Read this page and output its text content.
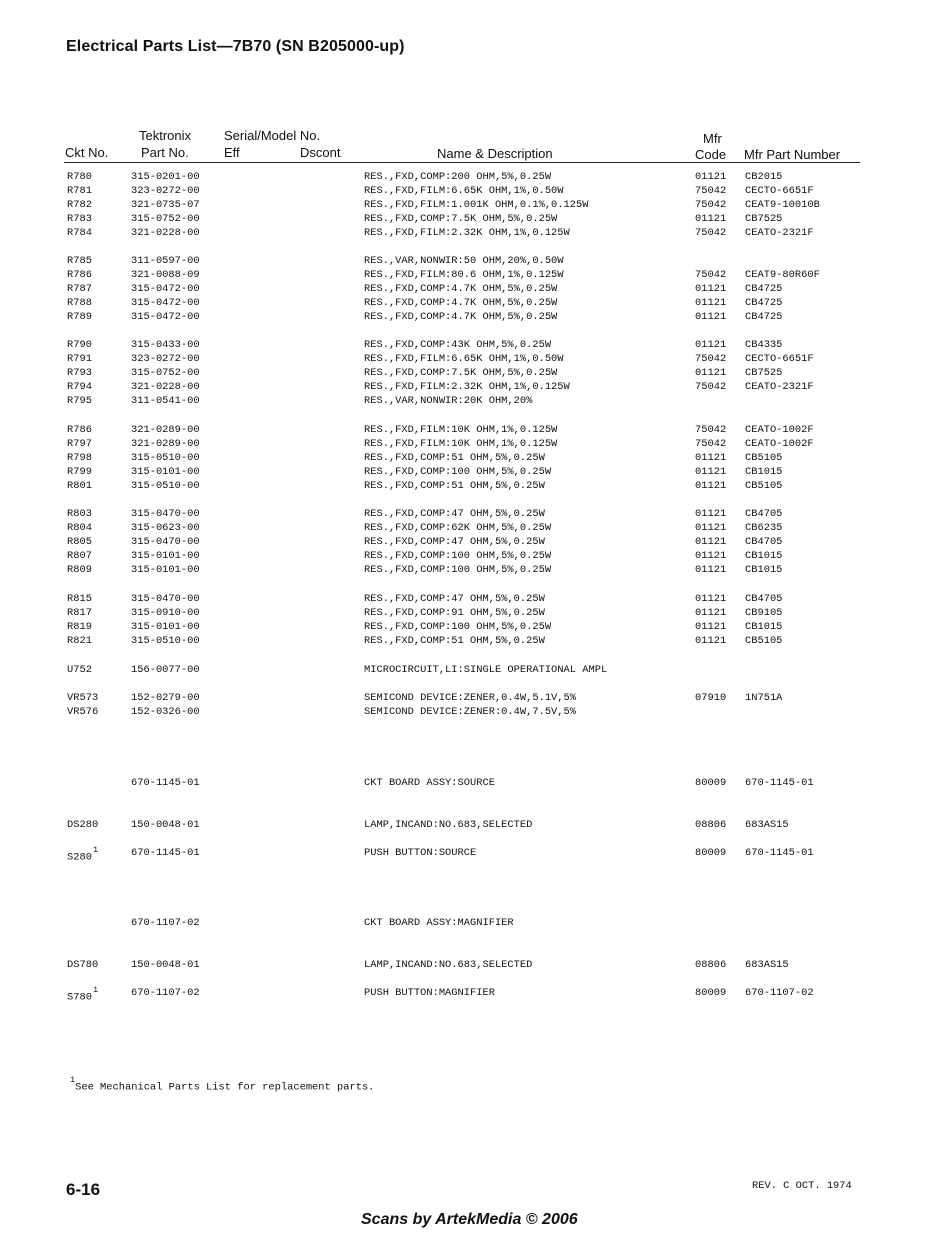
Electrical Parts List—7B70 (SN B205000-up)
Ckt No.
Tektronix
Part No.
Serial/Model No.
Eff	Dscont	Name & Description
Mfr
Code Mfr Part Number
R780	315-0201-00	RES.,FXD,COMP:200 OHM,5%,0.25W	01121 CB2015
R781	323-0272-00	RES.,FXD,FILM:6.65K OHM,1%,0.50W	75042 CECTO-6651F
R782	321-0735-07	RES.,FXD,FILM:1.001K OHM,0.1%,0.125W	75042 CEAT9-10010B
R783	315-0752-00	RES.,FXD,COMP:7.5K OHM,5%,0.25W	01121 CB7525
R784	321-0228-00	RES.,FXD,FILM:2.32K OHM,1%,0.125W	75042 CEATO-2321F
R785	311-0597-00	RES.,VAR,NONWIR:50 OHM,20%,0.50W
R786	321-0088-09	RES.,FXD,FILM:80.6 OHM,1%,0.125W	75042 CEAT9-80R60F
R787	315-0472-00	RES.,FXD,COMP:4.7K OHM,5%,0.25W	01121 CB4725
R788	315-0472-00	RES.,FXD,COMP:4.7K OHM,5%,0.25W	01121 CB4725
R789	315-0472-00	RES.,FXD,COMP:4.7K OHM,5%,0.25W	01121 CB4725
R790	315-0433-00	RES.,FXD,COMP:43K OHM,5%,0.25W	01121 CB4335
R791	323-0272-00	RES.,FXD,FILM:6.65K OHM,1%,0.50W	75042 CECTO-6651F
R793	315-0752-00	RES.,FXD,COMP:7.5K OHM,5%,0.25W	01121 CB7525
R794	321-0228-00	RES.,FXD,FILM:2.32K OHM,1%,0.125W	75042 CEATO-2321F
R795	311-0541-00	RES.,VAR,NONWIR:20K OHM,20%
R786	321-0289-00	RES.,FXD,FILM:10K OHM,1%,0.125W	75042 CEATO-1002F
R797	321-0289-00	RES.,FXD,FILM:10K OHM,1%,0.125W	75042 CEATO-1002F
R798	315-0510-00	RES.,FXD,COMP:51 OHM,5%,0.25W	01121 CB5105
R799	315-0101-00	RES.,FXD,COMP:100 OHM,5%,0.25W	01121 CB1015
R801	315-0510-00	RES.,FXD,COMP:51 OHM,5%,0.25W	01121 CB5105
R803	315-0470-00	RES.,FXD,COMP:47 OHM,5%,0.25W	01121 CB4705
R804	315-0623-00	RES.,FXD,COMP:62K OHM,5%,0.25W	01121 CB6235
R805	315-0470-00	RES.,FXD,COMP:47 OHM,5%,0.25W	01121 CB4705
R807	315-0101-00	RES.,FXD,COMP:100 OHM,5%,0.25W	01121 CB1015
R809	315-0101-00	RES.,FXD,COMP:100 OHM,5%,0.25W	01121 CB1015
R815	315-0470-00	RES.,FXD,COMP:47 OHM,5%,0.25W	01121 CB4705
R817	315-0910-00	RES.,FXD,COMP:91 OHM,5%,0.25W	01121 CB9105
R819	315-0101-00	RES.,FXD,COMP:100 OHM,5%,0.25W	01121 CB1015
R821	315-0510-00	RES.,FXD,COMP:51 OHM,5%,0.25W	01121 CB5105
U752	156-0077-00	MICROCIRCUIT,LI:SINGLE OPERATIONAL AMPL
VR573	152-0279-00	SEMICOND DEVICE:ZENER,0.4W,5.1V,5%	07910 1N751A
VR576	152-0326-00	SEMICOND DEVICE:ZENER:0.4W,7.5V,5%
670-1145-01	CKT BOARD ASSY:SOURCE	80009 670-1145-01
DS280	150-0048-01	LAMP,INCAND:NO.683,SELECTED	08806 683AS15
$S280^1$	670-1145-01	PUSH BUTTON:SOURCE	80009 670-1145-01
670-1107-02	CKT BOARD ASSY:MAGNIFIER
DS780	150-0048-01	LAMP,INCAND:NO.683,SELECTED	08806 683AS15
$S780^1$	670-1107-02	PUSH BUTTON:MAGNIFIER	80009 670-1107-02
$^1$See Mechanical Parts List for replacement parts.
6-16	REV. C OCT. 1974
Scans by ArtekMedia © 2006
